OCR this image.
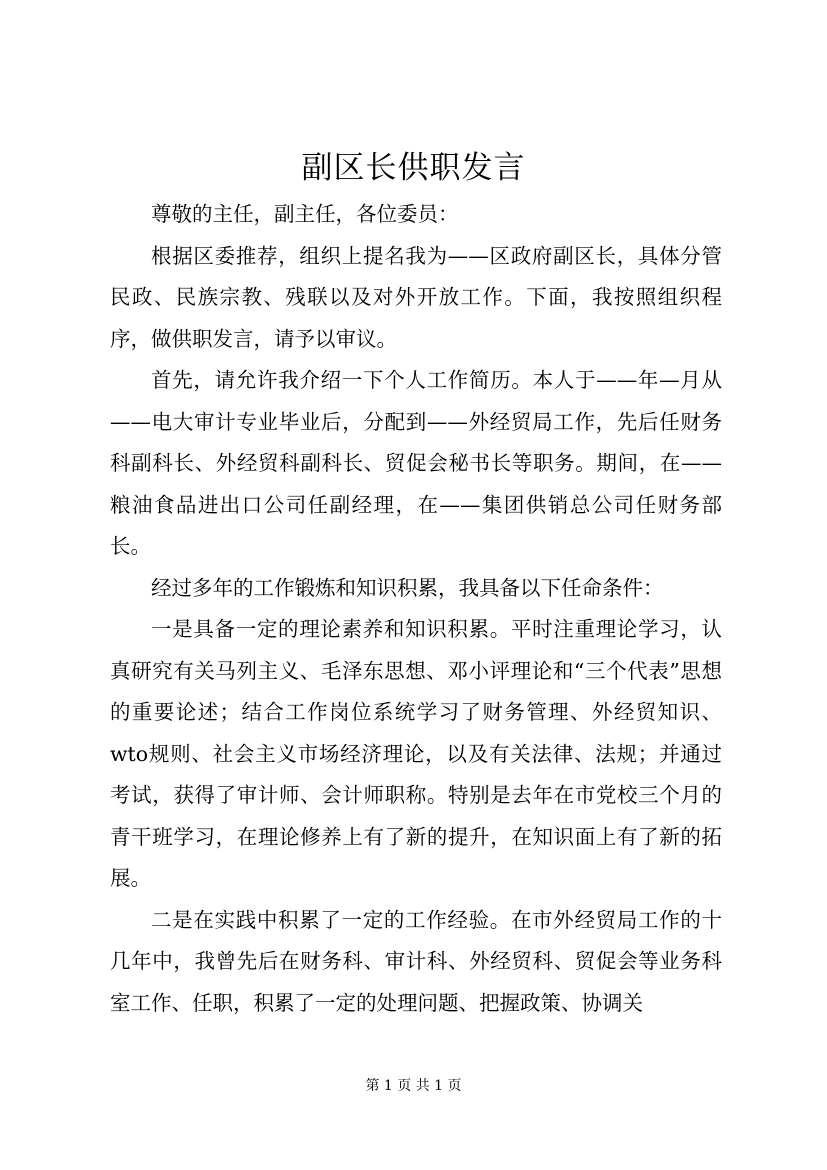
副区长供职发言

尊敬的主任，副主任，各位委员：

根据区委推荐，组织上提名我为——区政府副区长，具体分管民政、民族宗教、残联以及对外开放工作。下面，我按照组织程序，做供职发言，请予以审议。

首先，请允许我介绍一下个人工作简历。本人于——年—月从——电大审计专业毕业后，分配到——外经贸局工作，先后任财务科副科长、外经贸科副科长、贸促会秘书长等职务。期间，在——粮油食品进出口公司任副经理，在——集团供销总公司任财务部长。

经过多年的工作锻炼和知识积累，我具备以下任命条件：

一是具备一定的理论素养和知识积累。平时注重理论学习，认真研究有关马列主义、毛泽东思想、邓小评理论和“三个代表”思想的重要论述；结合工作岗位系统学习了财务管理、外经贸知识、wto规则、社会主义市场经济理论，以及有关法律、法规；并通过考试，获得了审计师、会计师职称。特别是去年在市党校三个月的青干班学习，在理论修养上有了新的提升，在知识面上有了新的拓展。

二是在实践中积累了一定的工作经验。在市外经贸局工作的十几年中，我曾先后在财务科、审计科、外经贸科、贸促会等业务科室工作、任职，积累了一定的处理问题、把握政策、协调关

第 1 页 共 1 页
